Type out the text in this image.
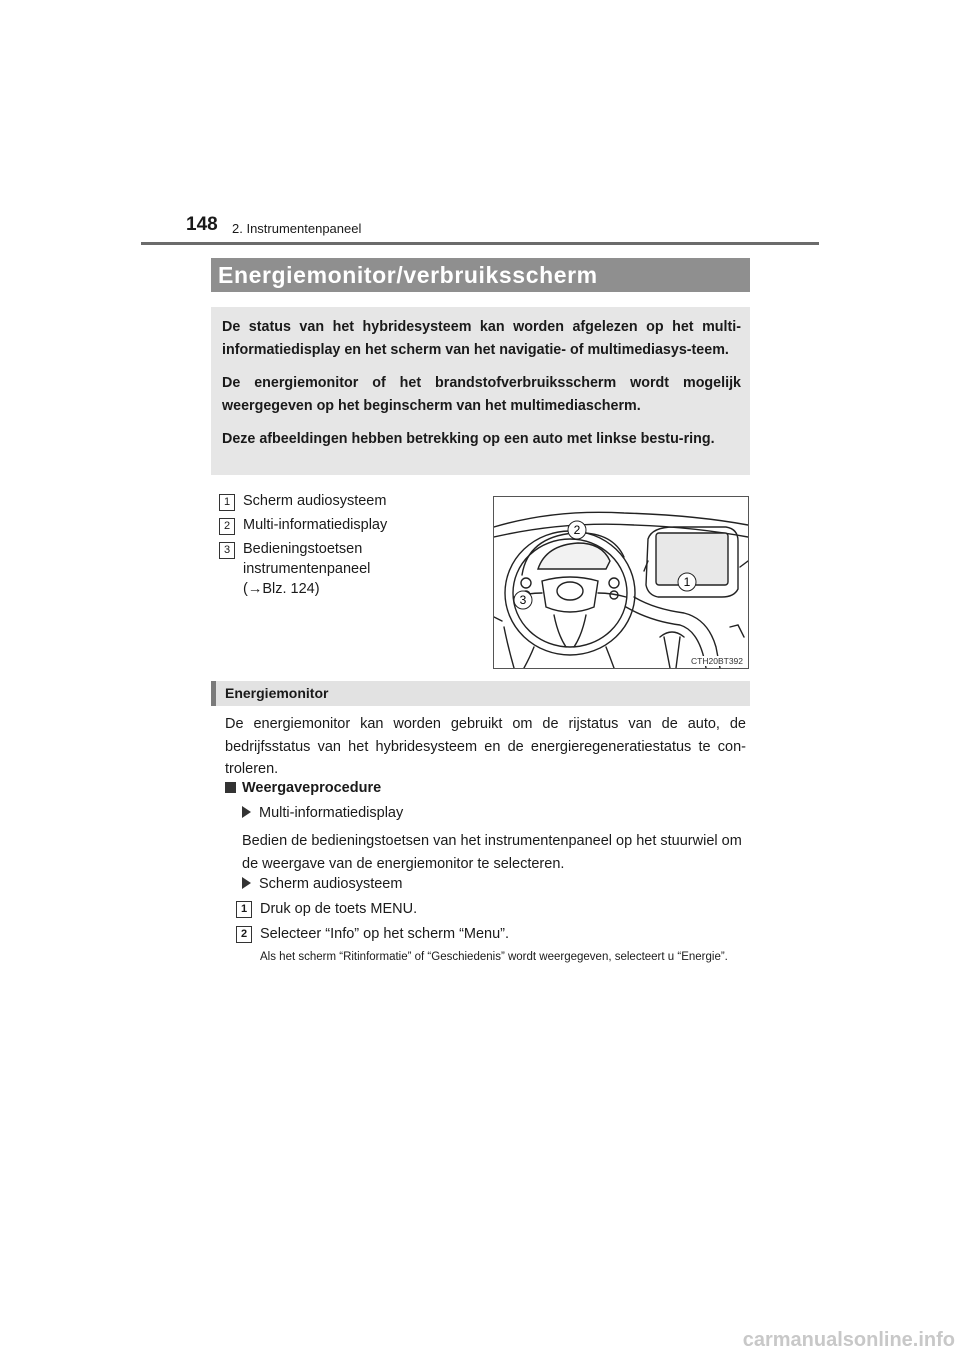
148 2. Instrumentenpaneel
Energiemonitor/verbruiksscherm

De status van het hybridesysteem kan worden afgelezen op het multi-informatiedisplay en het scherm van het navigatie- of multimediasys-teem.

De energiemonitor of het brandstofverbruiksscherm wordt mogelijk weergegeven op het beginscherm van het multimediascherm.

Deze afbeeldingen hebben betrekking op een auto met linkse bestu-ring.

1 Scherm audiosysteem
2 Multi-informatiedisplay
3 Bedieningstoetsen
instrumentenpaneel
(→Blz. 124)	1
2
3
CTH20BT392
Energiemonitor

De energiemonitor kan worden gebruikt om de rijstatus van de auto, de bedrijfsstatus van het hybridesysteem en de energieregeneratiestatus te con-troleren.

Weergaveprocedure
Multi-informatiedisplay

Bedien de bedieningstoetsen van het instrumentenpaneel op het stuurwiel om de weergave van de energiemonitor te selecteren.

Scherm audiosysteem
1 Druk op de toets MENU.
2 Selecteer “Info” op het scherm “Menu”.

Als het scherm “Ritinformatie” of “Geschiedenis” wordt weergegeven, selecteert u “Energie”.

carmanualsonline.info
